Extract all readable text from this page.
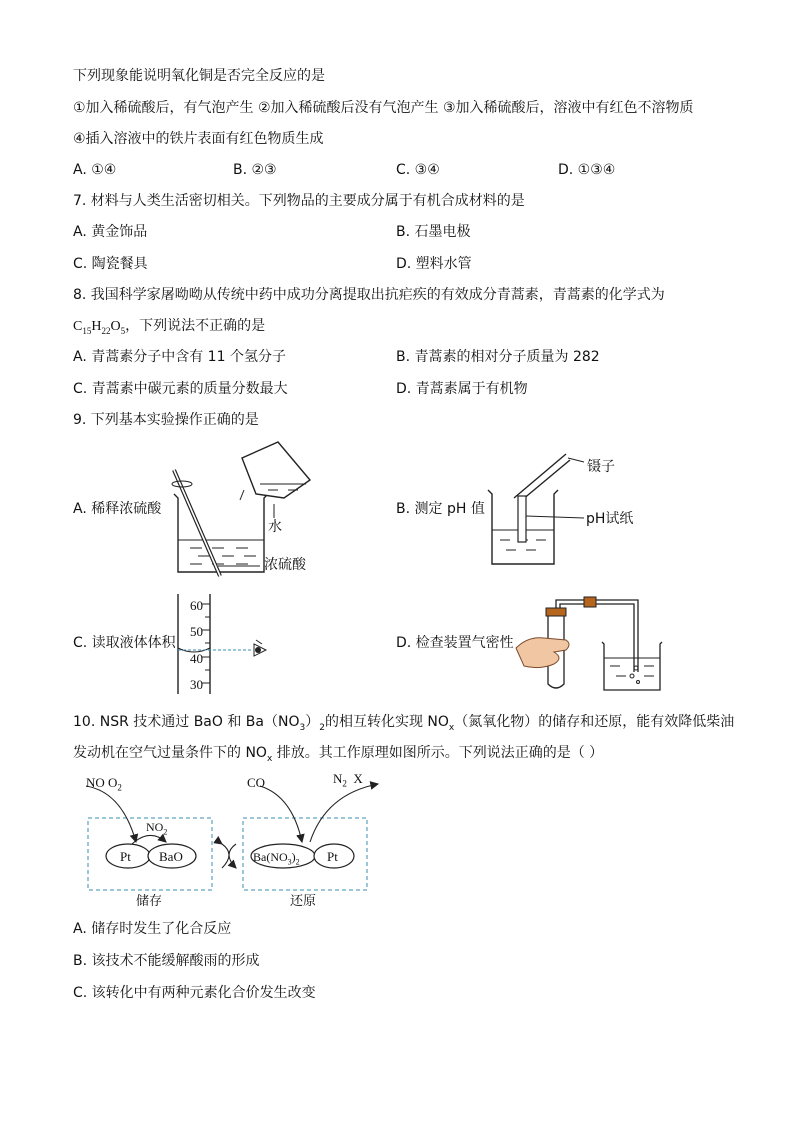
下列现象能说明氧化铜是否完全反应的是
①加入稀硫酸后，有气泡产生 ②加入稀硫酸后没有气泡产生 ③加入稀硫酸后，溶液中有红色不溶物质
④插入溶液中的铁片表面有红色物质生成
A. ①④	B. ②③	C. ③④	D. ①③④
7. 材料与人类生活密切相关。下列物品的主要成分属于有机合成材料的是
A. 黄金饰品	B. 石墨电极
C. 陶瓷餐具	D. 塑料水管
8. 我国科学家屠呦呦从传统中药中成功分离提取出抗疟疾的有效成分青蒿素，青蒿素的化学式为
$C_{15}H_{22}O_5$，下列说法不正确的是
A. 青蒿素分子中含有 11 个氢分子	B. 青蒿素的相对分子质量为 282
C. 青蒿素中碳元素的质量分数最大	D. 青蒿素属于有机物
9. 下列基本实验操作正确的是
A. 稀释浓硫酸
水
浓硫酸
B. 测定 pH 值
镊子
pH试纸
C. 读取液体体积
60
50
40
30
D. 检查装置气密性
10. NSR 技术通过 BaO 和 $Ba(NO_3)_2$的相互转化实现 $NO_x$（氮氧化物）的储存和还原，能有效降低柴油
发动机在空气过量条件下的 $NO_x$ 排放。其工作原理如图所示。下列说法正确的是（ ）
NO $O_2$
$NO_2$
CO	$N_2$ X
Pt BaO	$Ba(NO_3)_2$ Pt
储存	还原
A. 储存时发生了化合反应
B. 该技术不能缓解酸雨的形成
C. 该转化中有两种元素化合价发生改变
